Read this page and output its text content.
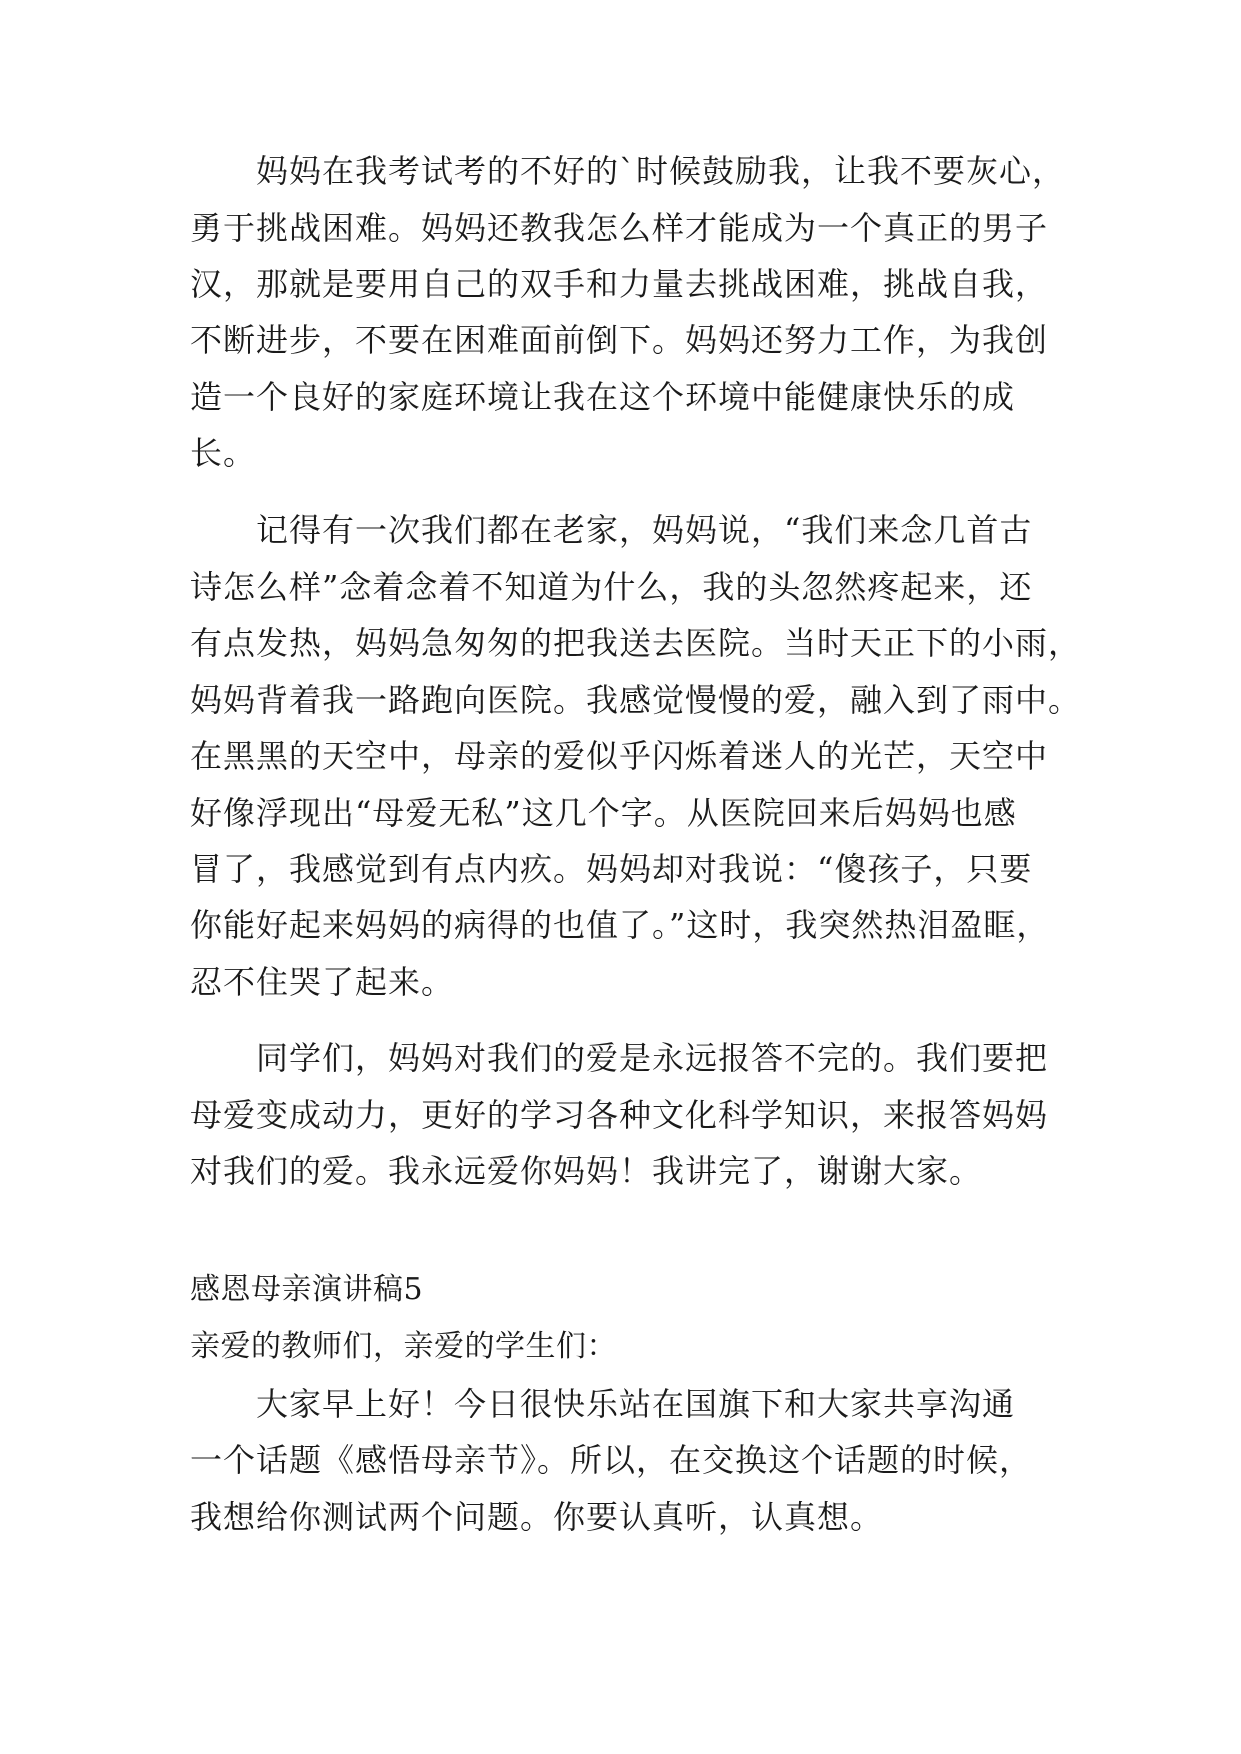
妈妈在我考试考的不好的`时候鼓励我，让我不要灰心，
勇于挑战困难。妈妈还教我怎么样才能成为一个真正的男子
汉，那就是要用自己的双手和力量去挑战困难，挑战自我，
不断进步，不要在困难面前倒下。妈妈还努力工作，为我创
造一个良好的家庭环境让我在这个环境中能健康快乐的成
长。
记得有一次我们都在老家，妈妈说，“我们来念几首古
诗怎么样”念着念着不知道为什么，我的头忽然疼起来，还
有点发热，妈妈急匆匆的把我送去医院。当时天正下的小雨，
妈妈背着我一路跑向医院。我感觉慢慢的爱，融入到了雨中。
在黑黑的天空中，母亲的爱似乎闪烁着迷人的光芒，天空中
好像浮现出“母爱无私”这几个字。从医院回来后妈妈也感
冒了，我感觉到有点内疚。妈妈却对我说：“傻孩子，只要
你能好起来妈妈的病得的也值了。”这时，我突然热泪盈眶，
忍不住哭了起来。
同学们，妈妈对我们的爱是永远报答不完的。我们要把
母爱变成动力，更好的学习各种文化科学知识，来报答妈妈
对我们的爱。我永远爱你妈妈！我讲完了，谢谢大家。
感恩母亲演讲稿5
亲爱的教师们，亲爱的学生们：
大家早上好！今日很快乐站在国旗下和大家共享沟通
一个话题《感悟母亲节》。所以，在交换这个话题的时候，
我想给你测试两个问题。你要认真听，认真想。
